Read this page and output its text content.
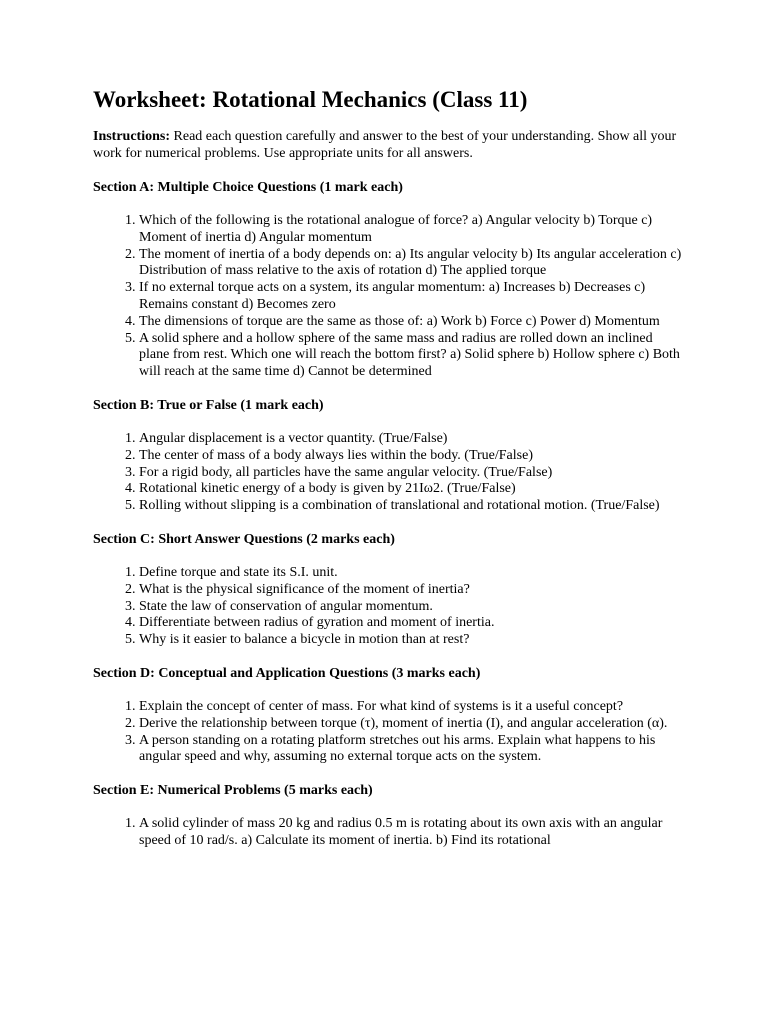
Worksheet: Rotational Mechanics (Class 11)

Instructions: Read each question carefully and answer to the best of your understanding. Show all your work for numerical problems. Use appropriate units for all answers.

Section A: Multiple Choice Questions (1 mark each)
1. Which of the following is the rotational analogue of force? a) Angular velocity b) Torque c) Moment of inertia d) Angular momentum
2. The moment of inertia of a body depends on: a) Its angular velocity b) Its angular acceleration c) Distribution of mass relative to the axis of rotation d) The applied torque
3. If no external torque acts on a system, its angular momentum: a) Increases b) Decreases c) Remains constant d) Becomes zero
4. The dimensions of torque are the same as those of: a) Work b) Force c) Power d) Momentum
5. A solid sphere and a hollow sphere of the same mass and radius are rolled down an inclined plane from rest. Which one will reach the bottom first? a) Solid sphere b) Hollow sphere c) Both will reach at the same time d) Cannot be determined
Section B: True or False (1 mark each)
1. Angular displacement is a vector quantity. (True/False)
2. The center of mass of a body always lies within the body. (True/False)
3. For a rigid body, all particles have the same angular velocity. (True/False)
4. Rotational kinetic energy of a body is given by 21Iω2. (True/False)
5. Rolling without slipping is a combination of translational and rotational motion. (True/False)
Section C: Short Answer Questions (2 marks each)
1. Define torque and state its S.I. unit.
2. What is the physical significance of the moment of inertia?
3. State the law of conservation of angular momentum.
4. Differentiate between radius of gyration and moment of inertia.
5. Why is it easier to balance a bicycle in motion than at rest?
Section D: Conceptual and Application Questions (3 marks each)
1. Explain the concept of center of mass. For what kind of systems is it a useful concept?
2. Derive the relationship between torque (τ), moment of inertia (I), and angular acceleration (α).
3. A person standing on a rotating platform stretches out his arms. Explain what happens to his angular speed and why, assuming no external torque acts on the system.
Section E: Numerical Problems (5 marks each)
1. A solid cylinder of mass 20 kg and radius 0.5 m is rotating about its own axis with an angular speed of 10 rad/s. a) Calculate its moment of inertia. b) Find its rotational
